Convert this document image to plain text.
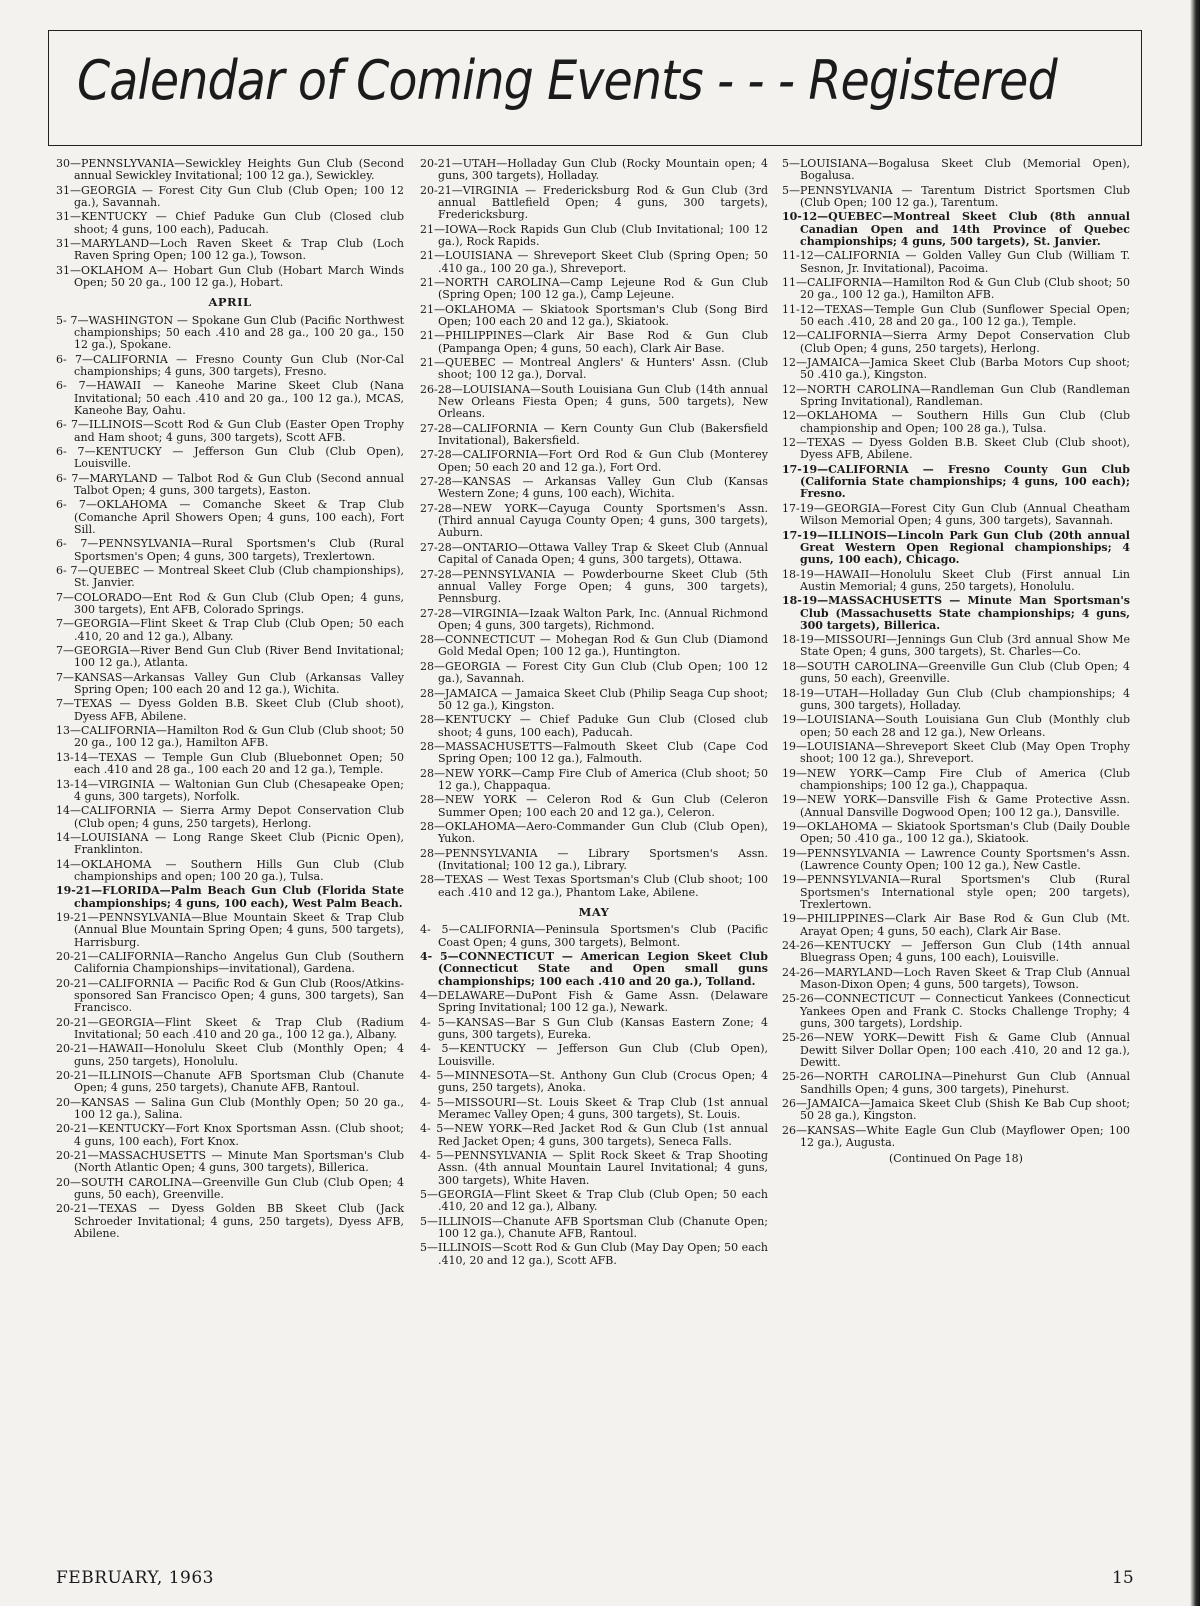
Calendar of Coming Events - - - Registered
30—PENNSLYVANIA—Sewickley Heights Gun Club (Second annual Sewickley Invitational; 100 12 ga.), Sewickley.
31—GEORGIA — Forest City Gun Club (Club Open; 100 12 ga.), Savannah.
31—KENTUCKY — Chief Paduke Gun Club (Closed club shoot; 4 guns, 100 each), Paducah.
31—MARYLAND—Loch Raven Skeet & Trap Club (Loch Raven Spring Open; 100 12 ga.), Towson.
31—OKLAHOM A— Hobart Gun Club (Hobart March Winds Open; 50 20 ga., 100 12 ga.), Hobart.
APRIL
5- 7—WASHINGTON — Spokane Gun Club (Pacific Northwest championships; 50 each .410 and 28 ga., 100 20 ga., 150 12 ga.), Spokane.
6- 7—CALIFORNIA — Fresno County Gun Club (Nor-Cal championships; 4 guns, 300 targets), Fresno.
6- 7—HAWAII — Kaneohe Marine Skeet Club (Nana Invitational; 50 each .410 and 20 ga., 100 12 ga.), MCAS, Kaneohe Bay, Oahu.
6- 7—ILLINOIS—Scott Rod & Gun Club (Easter Open Trophy and Ham shoot; 4 guns, 300 targets), Scott AFB.
6- 7—KENTUCKY — Jefferson Gun Club (Club Open), Louisville.
6- 7—MARYLAND — Talbot Rod & Gun Club (Second annual Talbot Open; 4 guns, 300 targets), Easton.
6- 7—OKLAHOMA — Comanche Skeet & Trap Club (Comanche April Showers Open; 4 guns, 100 each), Fort Sill.
6- 7—PENNSYLVANIA—Rural Sportsmen's Club (Rural Sportsmen's Open; 4 guns, 300 targets), Trexlertown.
6- 7—QUEBEC — Montreal Skeet Club (Club championships), St. Janvier.
7—COLORADO—Ent Rod & Gun Club (Club Open; 4 guns, 300 targets), Ent AFB, Colorado Springs.
7—GEORGIA—Flint Skeet & Trap Club (Club Open; 50 each .410, 20 and 12 ga.), Albany.
7—GEORGIA—River Bend Gun Club (River Bend Invitational; 100 12 ga.), Atlanta.
7—KANSAS—Arkansas Valley Gun Club (Arkansas Valley Spring Open; 100 each 20 and 12 ga.), Wichita.
7—TEXAS — Dyess Golden B.B. Skeet Club (Club shoot), Dyess AFB, Abilene.
13—CALIFORNIA—Hamilton Rod & Gun Club (Club shoot; 50 20 ga., 100 12 ga.), Hamilton AFB.
13-14—TEXAS — Temple Gun Club (Bluebonnet Open; 50 each .410 and 28 ga., 100 each 20 and 12 ga.), Temple.
13-14—VIRGINIA — Waltonian Gun Club (Chesapeake Open; 4 guns, 300 targets), Norfolk.
14—CALIFORNIA — Sierra Army Depot Conservation Club (Club open; 4 guns, 250 targets), Herlong.
14—LOUISIANA — Long Range Skeet Club (Picnic Open), Franklinton.
14—OKLAHOMA — Southern Hills Gun Club (Club championships and open; 100 20 ga.), Tulsa.
19-21—FLORIDA—Palm Beach Gun Club (Florida State championships; 4 guns, 100 each), West Palm Beach.
19-21—PENNSYLVANIA—Blue Mountain Skeet & Trap Club (Annual Blue Mountain Spring Open; 4 guns, 500 targets), Harrisburg.
20-21—CALIFORNIA—Rancho Angelus Gun Club (Southern California Championships—invitational), Gardena.
20-21—CALIFORNIA — Pacific Rod & Gun Club (Roos/Atkins-sponsored San Francisco Open; 4 guns, 300 targets), San Francisco.
20-21—GEORGIA—Flint Skeet & Trap Club (Radium Invitational; 50 each .410 and 20 ga., 100 12 ga.), Albany.
20-21—HAWAII—Honolulu Skeet Club (Monthly Open; 4 guns, 250 targets), Honolulu.
20-21—ILLINOIS—Chanute AFB Sportsman Club (Chanute Open; 4 guns, 250 targets), Chanute AFB, Rantoul.
20—KANSAS — Salina Gun Club (Monthly Open; 50 20 ga., 100 12 ga.), Salina.
20-21—KENTUCKY—Fort Knox Sportsman Assn. (Club shoot; 4 guns, 100 each), Fort Knox.
20-21—MASSACHUSETTS — Minute Man Sportsman's Club (North Atlantic Open; 4 guns, 300 targets), Billerica.
20—SOUTH CAROLINA—Greenville Gun Club (Club Open; 4 guns, 50 each), Greenville.
20-21—TEXAS — Dyess Golden BB Skeet Club (Jack Schroeder Invitational; 4 guns, 250 targets), Dyess AFB, Abilene.
20-21—UTAH—Holladay Gun Club (Rocky Mountain open; 4 guns, 300 targets), Holladay.
20-21—VIRGINIA — Fredericksburg Rod & Gun Club (3rd annual Battlefield Open; 4 guns, 300 targets), Fredericksburg.
21—IOWA—Rock Rapids Gun Club (Club Invitational; 100 12 ga.), Rock Rapids.
21—LOUISIANA — Shreveport Skeet Club (Spring Open; 50 .410 ga., 100 20 ga.), Shreveport.
21—NORTH CAROLINA—Camp Lejeune Rod & Gun Club (Spring Open; 100 12 ga.), Camp Lejeune.
21—OKLAHOMA — Skiatook Sportsman's Club (Song Bird Open; 100 each 20 and 12 ga.), Skiatook.
21—PHILIPPINES—Clark Air Base Rod & Gun Club (Pampanga Open; 4 guns, 50 each), Clark Air Base.
21—QUEBEC — Montreal Anglers' & Hunters' Assn. (Club shoot; 100 12 ga.), Dorval.
26-28—LOUISIANA—South Louisiana Gun Club (14th annual New Orleans Fiesta Open; 4 guns, 500 targets), New Orleans.
27-28—CALIFORNIA — Kern County Gun Club (Bakersfield Invitational), Bakersfield.
27-28—CALIFORNIA—Fort Ord Rod & Gun Club (Monterey Open; 50 each 20 and 12 ga.), Fort Ord.
27-28—KANSAS — Arkansas Valley Gun Club (Kansas Western Zone; 4 guns, 100 each), Wichita.
27-28—NEW YORK—Cayuga County Sportsmen's Assn. (Third annual Cayuga County Open; 4 guns, 300 targets), Auburn.
27-28—ONTARIO—Ottawa Valley Trap & Skeet Club (Annual Capital of Canada Open; 4 guns, 300 targets), Ottawa.
27-28—PENNSYLVANIA — Powderbourne Skeet Club (5th annual Valley Forge Open; 4 guns, 300 targets), Pennsburg.
27-28—VIRGINIA—Izaak Walton Park, Inc. (Annual Richmond Open; 4 guns, 300 targets), Richmond.
28—CONNECTICUT — Mohegan Rod & Gun Club (Diamond Gold Medal Open; 100 12 ga.), Huntington.
28—GEORGIA — Forest City Gun Club (Club Open; 100 12 ga.), Savannah.
28—JAMAICA — Jamaica Skeet Club (Philip Seaga Cup shoot; 50 12 ga.), Kingston.
28—KENTUCKY — Chief Paduke Gun Club (Closed club shoot; 4 guns, 100 each), Paducah.
28—MASSACHUSETTS—Falmouth Skeet Club (Cape Cod Spring Open; 100 12 ga.), Falmouth.
28—NEW YORK—Camp Fire Club of America (Club shoot; 50 12 ga.), Chappaqua.
28—NEW YORK — Celeron Rod & Gun Club (Celeron Summer Open; 100 each 20 and 12 ga.), Celeron.
28—OKLAHOMA—Aero-Commander Gun Club (Club Open), Yukon.
28—PENNSYLVANIA — Library Sportsmen's Assn. (Invitational; 100 12 ga.), Library.
28—TEXAS — West Texas Sportsman's Club (Club shoot; 100 each .410 and 12 ga.), Phantom Lake, Abilene.
MAY
4- 5—CALIFORNIA—Peninsula Sportsmen's Club (Pacific Coast Open; 4 guns, 300 targets), Belmont.
4- 5—CONNECTICUT — American Legion Skeet Club (Connecticut State and Open small guns championships; 100 each .410 and 20 ga.), Tolland.
4—DELAWARE—DuPont Fish & Game Assn. (Delaware Spring Invitational; 100 12 ga.), Newark.
4- 5—KANSAS—Bar S Gun Club (Kansas Eastern Zone; 4 guns, 300 targets), Eureka.
4- 5—KENTUCKY — Jefferson Gun Club (Club Open), Louisville.
4- 5—MINNESOTA—St. Anthony Gun Club (Crocus Open; 4 guns, 250 targets), Anoka.
4- 5—MISSOURI—St. Louis Skeet & Trap Club (1st annual Meramec Valley Open; 4 guns, 300 targets), St. Louis.
4- 5—NEW YORK—Red Jacket Rod & Gun Club (1st annual Red Jacket Open; 4 guns, 300 targets), Seneca Falls.
4- 5—PENNSYLVANIA — Split Rock Skeet & Trap Shooting Assn. (4th annual Mountain Laurel Invitational; 4 guns, 300 targets), White Haven.
5—GEORGIA—Flint Skeet & Trap Club (Club Open; 50 each .410, 20 and 12 ga.), Albany.
5—ILLINOIS—Chanute AFB Sportsman Club (Chanute Open; 100 12 ga.), Chanute AFB, Rantoul.
5—ILLINOIS—Scott Rod & Gun Club (May Day Open; 50 each .410, 20 and 12 ga.), Scott AFB.
5—LOUISIANA—Bogalusa Skeet Club (Memorial Open), Bogalusa.
5—PENNSYLVANIA — Tarentum District Sportsmen Club (Club Open; 100 12 ga.), Tarentum.
10-12—QUEBEC—Montreal Skeet Club (8th annual Canadian Open and 14th Province of Quebec championships; 4 guns, 500 targets), St. Janvier.
11-12—CALIFORNIA — Golden Valley Gun Club (William T. Sesnon, Jr. Invitational), Pacoima.
11—CALIFORNIA—Hamilton Rod & Gun Club (Club shoot; 50 20 ga., 100 12 ga.), Hamilton AFB.
11-12—TEXAS—Temple Gun Club (Sunflower Special Open; 50 each .410, 28 and 20 ga., 100 12 ga.), Temple.
12—CALIFORNIA—Sierra Army Depot Conservation Club (Club Open; 4 guns, 250 targets), Herlong.
12—JAMAICA—Jamica Skeet Club (Barba Motors Cup shoot; 50 .410 ga.), Kingston.
12—NORTH CAROLINA—Randleman Gun Club (Randleman Spring Invitational), Randleman.
12—OKLAHOMA — Southern Hills Gun Club (Club championship and Open; 100 28 ga.), Tulsa.
12—TEXAS — Dyess Golden B.B. Skeet Club (Club shoot), Dyess AFB, Abilene.
17-19—CALIFORNIA — Fresno County Gun Club (California State championships; 4 guns, 100 each); Fresno.
17-19—GEORGIA—Forest City Gun Club (Annual Cheatham Wilson Memorial Open; 4 guns, 300 targets), Savannah.
17-19—ILLINOIS—Lincoln Park Gun Club (20th annual Great Western Open Regional championships; 4 guns, 100 each), Chicago.
18-19—HAWAII—Honolulu Skeet Club (First annual Lin Austin Memorial; 4 guns, 250 targets), Honolulu.
18-19—MASSACHUSETTS — Minute Man Sportsman's Club (Massachusetts State championships; 4 guns, 300 targets), Billerica.
18-19—MISSOURI—Jennings Gun Club (3rd annual Show Me State Open; 4 guns, 300 targets), St. Charles—Co.
18—SOUTH CAROLINA—Greenville Gun Club (Club Open; 4 guns, 50 each), Greenville.
18-19—UTAH—Holladay Gun Club (Club championships; 4 guns, 300 targets), Holladay.
19—LOUISIANA—South Louisiana Gun Club (Monthly club open; 50 each 28 and 12 ga.), New Orleans.
19—LOUISIANA—Shreveport Skeet Club (May Open Trophy shoot; 100 12 ga.), Shreveport.
19—NEW YORK—Camp Fire Club of America (Club championships; 100 12 ga.), Chappaqua.
19—NEW YORK—Dansville Fish & Game Protective Assn. (Annual Dansville Dogwood Open; 100 12 ga.), Dansville.
19—OKLAHOMA — Skiatook Sportsman's Club (Daily Double Open; 50 .410 ga., 100 12 ga.), Skiatook.
19—PENNSYLVANIA — Lawrence County Sportsmen's Assn. (Lawrence County Open; 100 12 ga.), New Castle.
19—PENNSYLVANIA—Rural Sportsmen's Club (Rural Sportsmen's International style open; 200 targets), Trexlertown.
19—PHILIPPINES—Clark Air Base Rod & Gun Club (Mt. Arayat Open; 4 guns, 50 each), Clark Air Base.
24-26—KENTUCKY — Jefferson Gun Club (14th annual Bluegrass Open; 4 guns, 100 each), Louisville.
24-26—MARYLAND—Loch Raven Skeet & Trap Club (Annual Mason-Dixon Open; 4 guns, 500 targets), Towson.
25-26—CONNECTICUT — Connecticut Yankees (Connecticut Yankees Open and Frank C. Stocks Challenge Trophy; 4 guns, 300 targets), Lordship.
25-26—NEW YORK—Dewitt Fish & Game Club (Annual Dewitt Silver Dollar Open; 100 each .410, 20 and 12 ga.), Dewitt.
25-26—NORTH CAROLINA—Pinehurst Gun Club (Annual Sandhills Open; 4 guns, 300 targets), Pinehurst.
26—JAMAICA—Jamaica Skeet Club (Shish Ke Bab Cup shoot; 50 28 ga.), Kingston.
26—KANSAS—White Eagle Gun Club (Mayflower Open; 100 12 ga.), Augusta.
(Continued On Page 18)
FEBRUARY, 1963	15
